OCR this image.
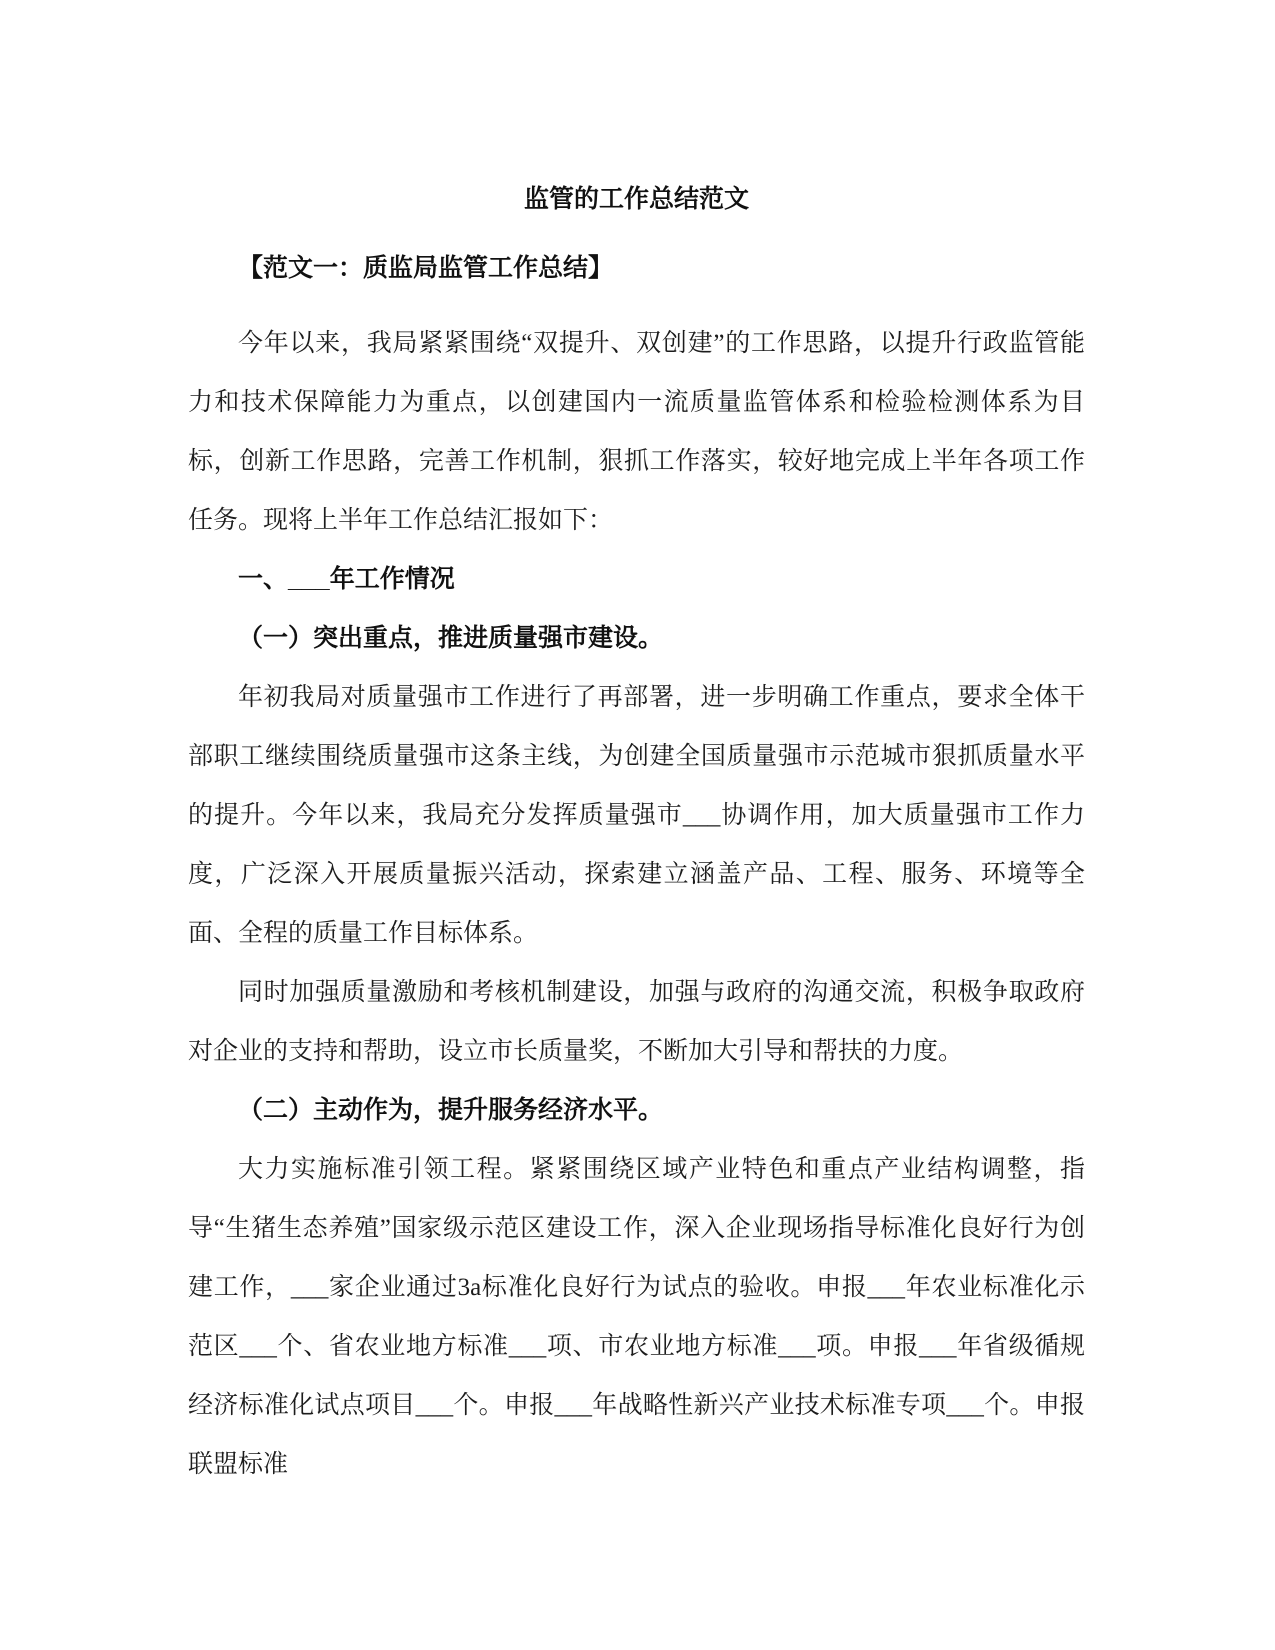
监管的工作总结范文
【范文一：质监局监管工作总结】

今年以来，我局紧紧围绕“双提升、双创建”的工作思路，以提升行政监管能力和技术保障能力为重点，以创建国内一流质量监管体系和检验检测体系为目标，创新工作思路，完善工作机制，狠抓工作落实，较好地完成上半年各项工作任务。现将上半年工作总结汇报如下：

一、___年工作情况
（一）突出重点，推进质量强市建设。

年初我局对质量强市工作进行了再部署，进一步明确工作重点，要求全体干部职工继续围绕质量强市这条主线，为创建全国质量强市示范城市狠抓质量水平的提升。今年以来，我局充分发挥质量强市___协调作用，加大质量强市工作力度，广泛深入开展质量振兴活动，探索建立涵盖产品、工程、服务、环境等全面、全程的质量工作目标体系。

同时加强质量激励和考核机制建设，加强与政府的沟通交流，积极争取政府对企业的支持和帮助，设立市长质量奖，不断加大引导和帮扶的力度。

（二）主动作为，提升服务经济水平。

大力实施标准引领工程。紧紧围绕区域产业特色和重点产业结构调整，指导“生猪生态养殖”国家级示范区建设工作，深入企业现场指导标准化良好行为创建工作，___家企业通过3a标准化良好行为试点的验收。申报___年农业标准化示范区___个、省农业地方标准___项、市农业地方标准___项。申报___年省级循规经济标准化试点项目___个。申报___年战略性新兴产业技术标准专项___个。申报联盟标准
